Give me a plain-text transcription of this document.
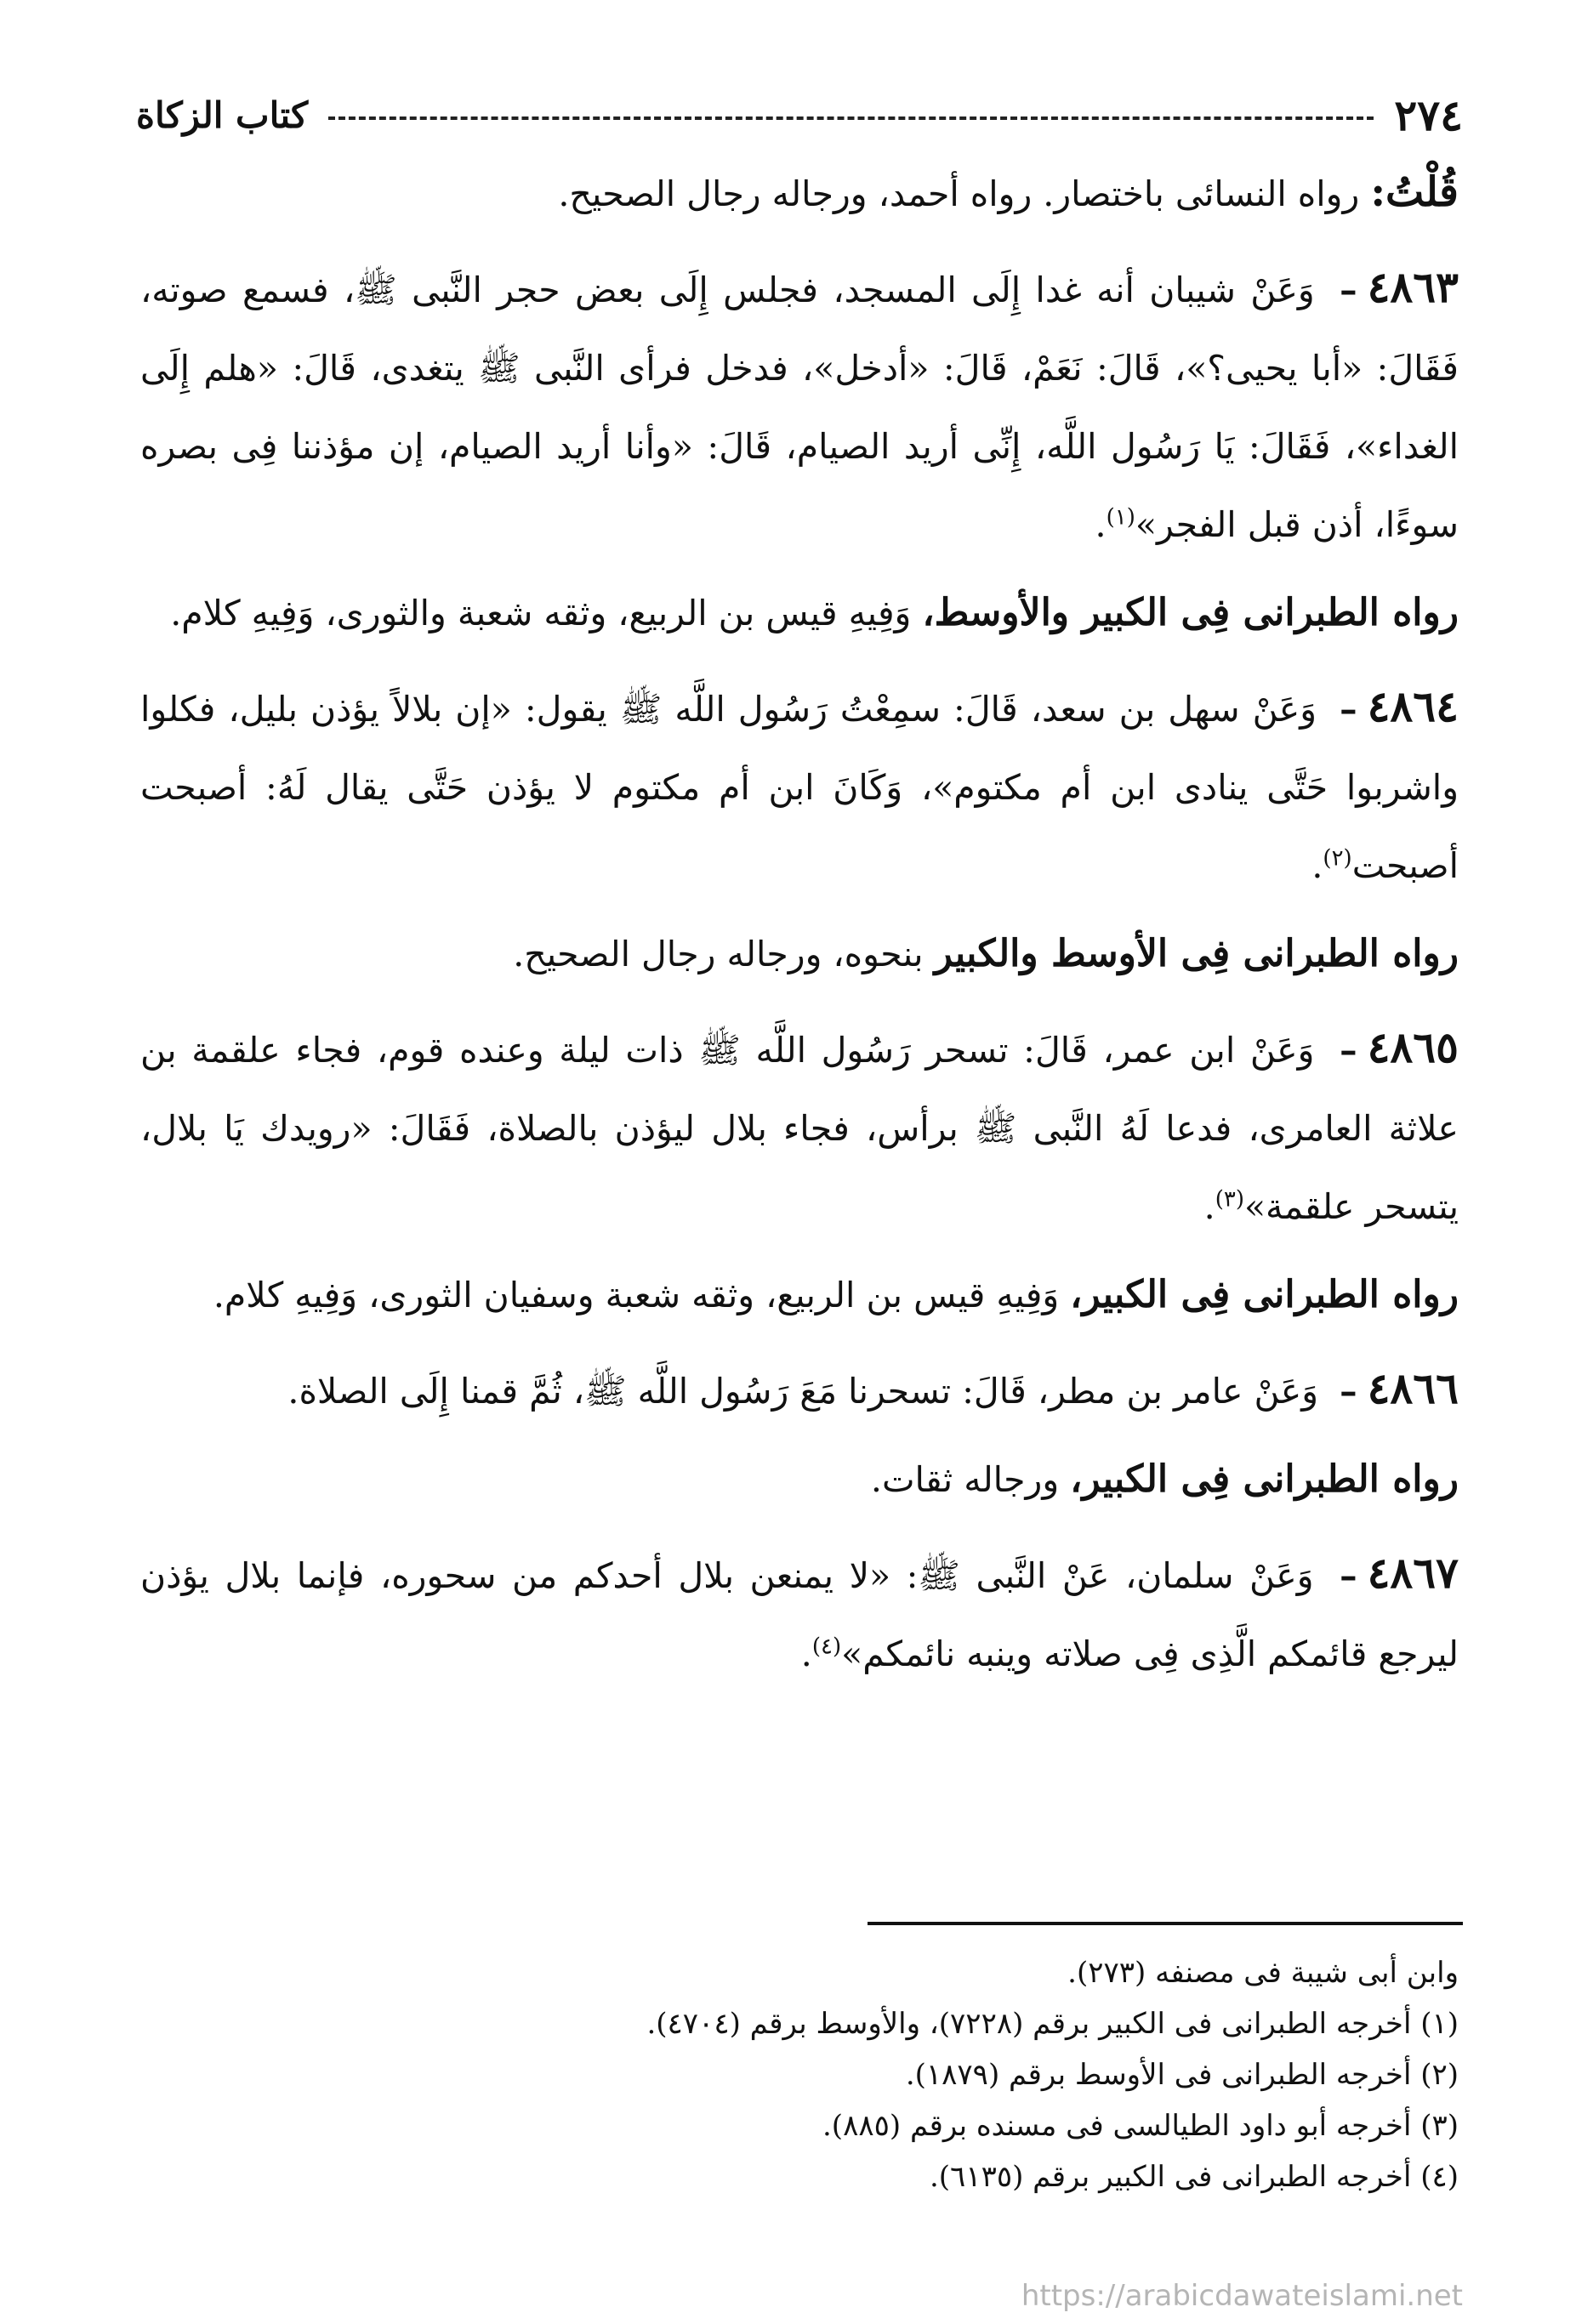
٢٧٤
كتاب الزكاة

قُلْتُ: رواه النسائى باختصار. رواه أحمد، ورجاله رجال الصحيح.

٤٨٦٣– وَعَنْ شيبان أنه غدا إِلَى المسجد، فجلس إِلَى بعض حجر النَّبى ﷺ، فسمع صوته، فَقَالَ: «أبا يحيى؟»، قَالَ: نَعَمْ، قَالَ: «أدخل»، فدخل فرأى النَّبى ﷺ يتغدى، قَالَ: «هلم إِلَى الغداء»، فَقَالَ: يَا رَسُول اللَّه، إِنِّى أريد الصيام، قَالَ: «وأنا أريد الصيام، إن مؤذننا فِى بصره سوءًا، أذن قبل الفجر»$^{(١)}$.

رواه الطبرانى فِى الكبير والأوسط، وَفِيهِ قيس بن الربيع، وثقه شعبة والثورى، وَفِيهِ كلام.

٤٨٦٤– وَعَنْ سهل بن سعد، قَالَ: سمِعْتُ رَسُول اللَّه ﷺ يقول: «إن بلالاً يؤذن بليل، فكلوا واشربوا حَتَّى ينادى ابن أم مكتوم»، وَكَانَ ابن أم مكتوم لا يؤذن حَتَّى يقال لَهُ: أصبحت أصبحت$^{(٢)}$.

رواه الطبرانى فِى الأوسط والكبير بنحوه، ورجاله رجال الصحيح.

٤٨٦٥– وَعَنْ ابن عمر، قَالَ: تسحر رَسُول اللَّه ﷺ ذات ليلة وعنده قوم، فجاء علقمة بن علاثة العامرى، فدعا لَهُ النَّبى ﷺ برأس، فجاء بلال ليؤذن بالصلاة، فَقَالَ: «رويدك يَا بلال، يتسحر علقمة»$^{(٣)}$.

رواه الطبرانى فِى الكبير، وَفِيهِ قيس بن الربيع، وثقه شعبة وسفيان الثورى، وَفِيهِ كلام.

٤٨٦٦– وَعَنْ عامر بن مطر، قَالَ: تسحرنا مَعَ رَسُول اللَّه ﷺ، ثُمَّ قمنا إِلَى الصلاة.

رواه الطبرانى فِى الكبير، ورجاله ثقات.

٤٨٦٧– وَعَنْ سلمان، عَنْ النَّبى ﷺ: «لا يمنعن بلال أحدكم من سحوره، فإنما بلال يؤذن ليرجع قائمكم الَّذِى فِى صلاته وينبه نائمكم»$^{(٤)}$.

وابن أبى شيبة فى مصنفه (٢٧٣).

(١) أخرجه الطبرانى فى الكبير برقم (٧٢٢٨)، والأوسط برقم (٤٧٠٤).

(٢) أخرجه الطبرانى فى الأوسط برقم (١٨٧٩).

(٣) أخرجه أبو داود الطيالسى فى مسنده برقم (٨٨٥).

(٤) أخرجه الطبرانى فى الكبير برقم (٦١٣٥).

https://arabicdawateislami.net
